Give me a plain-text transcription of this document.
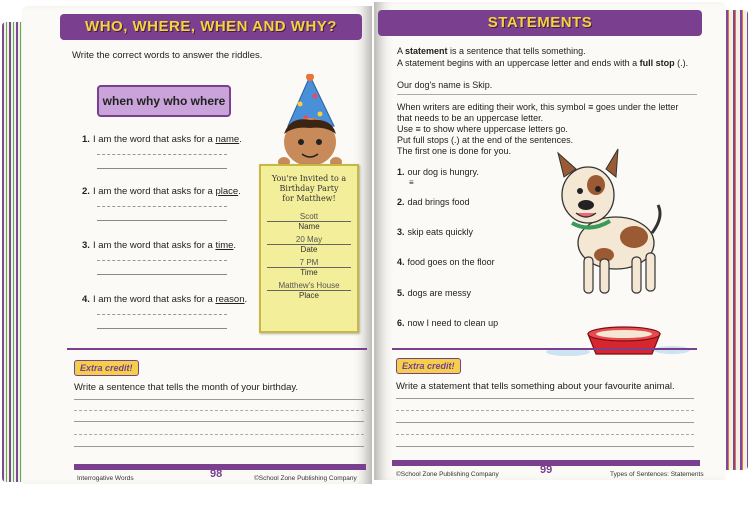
WHO, WHERE, WHEN AND WHY?
Write the correct words to answer the riddles.
when why who where
1. I am the word that asks for a name.
2. I am the word that asks for a place.
3. I am the word that asks for a time.
4. I am the word that asks for a reason.
You're Invited to a
Birthday Party
for Matthew!
Scott
Name
20 May
Date
7 PM
Time
Matthew's House
Place
Extra credit!
Write a sentence that tells the month of your birthday.
Interrogative Words	98	©School Zone Publishing Company
STATEMENTS
A statement is a sentence that tells something.
A statement begins with an uppercase letter and ends with a full stop (.).
Our dog's name is Skip.
When writers are editing their work, this symbol ≡ goes under the letter
that needs to be an uppercase letter.
Use ≡ to show where uppercase letters go.
Put full stops (.) at the end of the sentences.
The first one is done for you.
1. our dog is hungry.
≡
2. dad brings food
3. skip eats quickly
4. food goes on the floor
5. dogs are messy
6. now I need to clean up
Extra credit!
Write a statement that tells something about your favourite animal.
©School Zone Publishing Company	99	Types of Sentences: Statements
